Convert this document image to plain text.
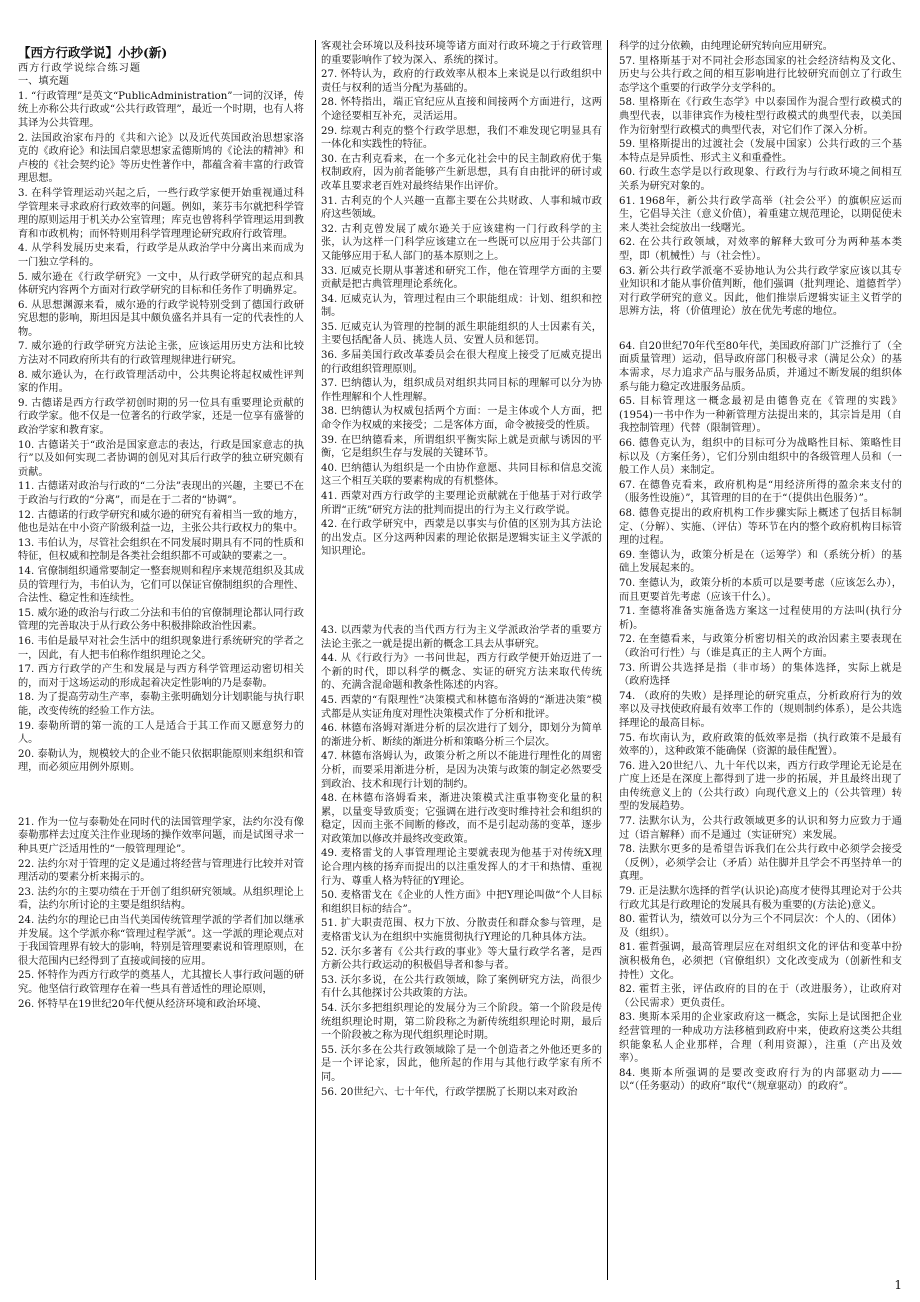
【西方行政学说】小抄(新)
西方行政学说综合练习题
一、填充题
1. “行政管理”是英文“PublicAdministration”一词的汉译，传统上亦称公共行政或“公共行政管理”，最近一个时期，也有人将其译为公共管理。
2. 法国政治家布丹的《共和六论》以及近代英国政治思想家洛克的《政府论》和法国启蒙思想家孟德斯鸠的《论法的精神》和卢梭的《社会契约论》等历史性著作中，都蕴含着丰富的行政管理思想。
3. 在科学管理运动兴起之后，一些行政学家便开始重视通过科学管理来寻求政府行政效率的问题。例如，莱芬韦尔就把科学管理的原则运用于机关办公室管理；库克也曾将科学管理运用到教育和市政机构；而怀特则用科学管理理论研究政府行政管理。
4. 从学科发展历史来看，行政学是从政治学中分离出来而成为一门独立学科的。
5. 威尔逊在《行政学研究》一文中，从行政学研究的起点和具体研究内容两个方面对行政学研究的目标和任务作了明确界定。
6. 从思想渊源来看，威尔逊的行政学说特别受到了德国行政研究思想的影响，斯坦因是其中颇负盛名并具有一定的代表性的人物。
7. 威尔逊的行政学研究方法论主张，应该运用历史方法和比较方法对不同政府所共有的行政管理规律进行研究。
8. 威尔逊认为，在行政管理活动中，公共舆论将起权威性评判家的作用。
9. 古德诺是西方行政学初创时期的另一位具有重要理论贡献的行政学家。他不仅是一位著名的行政学家，还是一位享有盛誉的政治学家和教育家。
10. 古德诺关于“政治是国家意志的表达，行政是国家意志的执行”以及如何实现二者协调的创见对其后行政学的独立研究颇有贡献。
11. 古德诺对政治与行政的“二分法”表现出的兴趣，主要已不在于政治与行政的“分离”，而是在于二者的“协调”。
12. 古德诺的行政学研究和威尔逊的研究有着相当一致的地方，他也是站在中小资产阶级利益一边，主张公共行政权力的集中。
13. 韦伯认为，尽管社会组织在不同发展时期具有不同的性质和特征，但权威和控制是各类社会组织都不可或缺的要素之一。
14. 官僚制组织通常要制定一整套规则和程序来规范组织及其成员的管理行为，韦伯认为，它们可以保证官僚制组织的合理性、合法性、稳定性和连续性。
15. 威尔逊的政治与行政二分法和韦伯的官僚制理论都认同行政管理的完善取决于从行政公务中积极排除政治性因素。
16. 韦伯是最早对社会生活中的组织现象进行系统研究的学者之一，因此，有人把韦伯称作组织理论之父。
17. 西方行政学的产生和发展是与西方科学管理运动密切相关的，而对于这场运动的形成起着决定性影响的乃是泰勒。
18. 为了提高劳动生产率，泰勒主张明确划分计划职能与执行职能，改变传统的经验工作方法。
19. 泰勒所谓的第一流的工人是适合于其工作而又愿意努力的人。
20. 泰勒认为，规模较大的企业不能只依据职能原则来组织和管理，而必须应用例外原则。
21. 作为一位与泰勒处在同时代的法国管理学家，法约尔没有像泰勒那样去过度关注作业现场的操作效率问题，而是试图寻求一种具更广泛适用性的“一般管理理论”。
22. 法约尔对于管理的定义是通过将经营与管理进行比较并对管理活动的要素分析来揭示的。
23. 法约尔的主要功绩在于开创了组织研究领域。从组织理论上看，法约尔所讨论的主要是组织结构。
24. 法约尔的理论已由当代美国传统管理学派的学者们加以继承并发展。这个学派亦称“管理过程学派”。这一学派的理论观点对于我国管理界有较大的影响，特别是管理要素说和管理原则，在很大范围内已经得到了直接或间接的应用。
25. 怀特作为西方行政学的奠基人，尤其擅长人事行政问题的研究。他坚信行政管理存在着一些具有普适性的理论原则，
26. 怀特早在19世纪20年代便从经济环境和政治环境、
客观社会环境以及科技环境等诸方面对行政环境之于行政管理的重要影响作了较为深入、系统的探讨。
27. 怀特认为，政府的行政效率从根本上来说是以行政组织中责任与权利的适当分配为基础的。
28. 怀特指出，端正官纪应从直接和间接两个方面进行，这两个途径要相互补充，灵活运用。
29. 综观古利克的整个行政学思想，我们不难发现它明显具有一体化和实践性的特征。
30. 在古利克看来，在一个多元化社会中的民主制政府优于集权制政府，因为前者能够产生新思想，具有自由批评的研讨或改革且要求老百姓对最终结果作出评价。
31. 古利克的个人兴趣一直都主要在公共财政、人事和城市政府这些领域。
32. 古利克曾发展了威尔逊关于应该建构一门行政科学的主张，认为这样一门科学应该建立在一些既可以应用于公共部门又能够应用于私人部门的基本原则之上。
33. 厄威克长期从事著述和研究工作，他在管理学方面的主要贡献是把古典管理理论系统化。
34. 厄威克认为，管理过程由三个职能组成：计划、组织和控制。
35. 厄威克认为管理的控制的派生职能组织的人士因素有关，主要包括配备人员、挑选人员、安置人员和惩罚。
36. 多届美国行政改革委员会在很大程度上接受了厄威克提出的行政组织管理原则。
37. 巴纳德认为，组织成员对组织共同目标的理解可以分为协作性理解和个人性理解。
38. 巴纳德认为权威包括两个方面：一是主体或个人方面，把命令作为权威的来接受；二是客体方面，命令被接受的性质。
39. 在巴纳德看来，所谓组织平衡实际上就是贡献与诱因的平衡，它是组织生存与发展的关键环节。
40. 巴纳德认为组织是一个由协作意愿、共同目标和信息交流这三个相互关联的要素构成的有机整体。
41. 西蒙对西方行政学的主要理论贡献就在于他基于对行政学所谓“正统”研究方法的批判而提出的行为主义行政学说。
42. 在行政学研究中，西蒙是以事实与价值的区别为其方法论的出发点。区分这两种因素的理论依据是逻辑实证主义学派的知识理论。
43. 以西蒙为代表的当代西方行为主义学派政治学者的重要方法论主张之一就是提出新的概念工具去从事研究。
44. 从《行政行为》一书问世起，西方行政学便开始迈进了一个新的时代，即以科学的概念、实证的研究方法来取代传统的、充满含混命题和教条性陈述的内容。
45. 西蒙的“有限理性”决策模式和林德布洛姆的“渐进决策”模式都是从实证角度对理性决策模式作了分析和批评。
46. 林德布洛姆对渐进分析的层次进行了划分，即划分为简单的渐进分析、断续的渐进分析和策略分析三个层次。
47. 林德布洛姆认为，政策分析之所以不能进行理性化的周密分析，而要采用渐进分析，是因为决策与政策的制定必然要受到政治、技术和现行计划的制约。
48. 在林德布洛姆看来，渐进决策模式注重事物变化量的积累，以量变导致质变；它强调在进行改变时维持社会和组织的稳定，因而主张不间断的修改，而不是引起动荡的变革，逐步对政策加以修改并最终改变政策。
49. 麦格雷戈的人事管理理论主要就表现为他基于对传统X理论合理内核的扬弃而提出的以注重发挥人的才干和热情、重视行为、尊重人格为特征的Y理论。
50. 麦格雷戈在《企业的人性方面》中把Y理论叫做“个人目标和组织目标的结合”。
51. 扩大职责范围、权力下放、分散责任和群众参与管理，是麦格雷戈认为在组织中实施贯彻执行Y理论的几种具体方法。
52. 沃尔多著有《公共行政的事业》等大量行政学名著，是西方新公共行政运动的积极倡导者和参与者。
53. 沃尔多说，在公共行政领域，除了案例研究方法，尚很少有什么其他探讨公共政策的方法。
54. 沃尔多把组织理论的发展分为三个阶段。第一个阶段是传统组织理论时期，第二阶段称之为新传统组织理论时期，最后一个阶段被之称为现代组织理论时期。
55. 沃尔多在公共行政领域除了是一个创造者之外他还更多的是一个评论家，因此，他所起的作用与其他行政学家有所不同。
56. 20世纪六、七十年代，行政学摆脱了长期以来对政治
科学的过分依赖，由纯理论研究转向应用研究。
57. 里格斯基于对不同社会形态国家的社会经济结构及文化、历史与公共行政之间的相互影响进行比较研究而创立了行政生态学这个重要的行政学分支学科的。
58. 里格斯在《行政生态学》中以泰国作为混合型行政模式的典型代表，以菲律宾作为棱柱型行政模式的典型代表，以美国作为衍射型行政模式的典型代表，对它们作了深入分析。
59. 里格斯提出的过渡社会（发展中国家）公共行政的三个基本特点是异质性、形式主义和重叠性。
60. 行政生态学是以行政现象、行政行为与行政环境之间相互关系为研究对象的。
61. 1968年，新公共行政学高举（社会公平）的旗帜应运而生，它倡导关注（意义价值），着重建立规范理论，以期促使未来人类社会绽放出一线曙光。
62. 在公共行政领域，对效率的解释大致可分为两种基本类型，即（机械性）与（社会性）。
63. 新公共行政学派毫不妥协地认为公共行政学家应该以其专业知识和才能从事价值判断，他们强调（批判理论、道德哲学）对行政学研究的意义。因此，他们推崇后逻辑实证主义哲学的思辨方法，将（价值理论）放在优先考虑的地位。
64. 自20世纪70年代至80年代，美国政府部门广泛推行了（全面质量管理）运动，倡导政府部门积极寻求（满足公众）的基本需求，尽力追求产品与服务品质，并通过不断发展的组织体系与能力稳定改进服务品质。
65. 目标管理这一概念最初是由德鲁克在《管理的实践》(1954)一书中作为一种新管理方法提出来的，其宗旨是用（自我控制管理）代替（限制管理）。
66. 德鲁克认为，组织中的目标可分为战略性目标、策略性目标以及（方案任务），它们分别由组织中的各级管理人员和（一般工作人员）来制定。
67. 在德鲁克看来，政府机构是“用经济所得的盈余来支付的（服务性设施）”，其管理的目的在于“（提供出色服务）”。
68. 德鲁克提出的政府机构工作步骤实际上概述了包括目标制定、（分解）、实施、（评估）等环节在内的整个政府机构目标管理的过程。
69. 奎德认为，政策分析是在（运筹学）和（系统分析）的基础上发展起来的。
70. 奎德认为，政策分析的本质可以是要考虑（应该怎么办），而且更要首先考虑（应该干什么）。
71. 奎德将准备实施备选方案这一过程使用的方法叫(执行分析)。
72. 在奎德看来，与政策分析密切相关的政治因素主要表现在（政治可行性）与（谁是真正的主人两个方面。
73. 所谓公共选择是指（非市场）的集体选择，实际上就是（政府选择
74. （政府的失败）是择理论的研究重点，分析政府行为的效率以及寻找使政府最有效率工作的（规则制约体系），是公共选择理论的最高目标。
75. 布坎南认为，政府政策的低效率是指（执行政策不是最有效率的），这种政策不能确保（资源的最佳配置）。
76. 进入20世纪八、九十年代以来，西方行政学理论无论是在广度上还是在深度上都得到了进一步的拓展，并且最终出现了由传统意义上的（公共行政）向现代意义上的（公共管理）转型的发展趋势。
77. 法默尔认为，公共行政领域更多的认识和努力应致力于通过（语言解释）而不是通过（实证研究）来发展。
78. 法默尔更多的是希望告诉我们在公共行政中必须学会接受（反例），必须学会让（矛盾）站住脚并且学会不再坚持单一的真理。
79. 正是法默尔选择的哲学(认识论)高度才使得其理论对于公共行政尤其是行政理论的发展具有极为重要的(方法论)意义。
80. 霍哲认为，绩效可以分为三个不同层次：个人的、（团体）及（组织）。
81. 霍哲强调，最高管理层应在对组织文化的评估和变革中扮演积极角色，必须把（官僚组织）文化改变成为（创新性和支持性）文化。
82. 霍哲主张，评估政府的目的在于（改进服务），让政府对（公民需求）更负责任。
83. 奥斯本采用的企业家政府这一概念，实际上是试图把企业经营管理的一种成功方法移植到政府中来，使政府这类公共组织能象私人企业那样，合理（利用资源），注重（产出及效率）。
84. 奥斯本所强调的是要改变政府行为的内部驱动力——以“（任务驱动）的政府”取代“（规章驱动）的政府”。
1
